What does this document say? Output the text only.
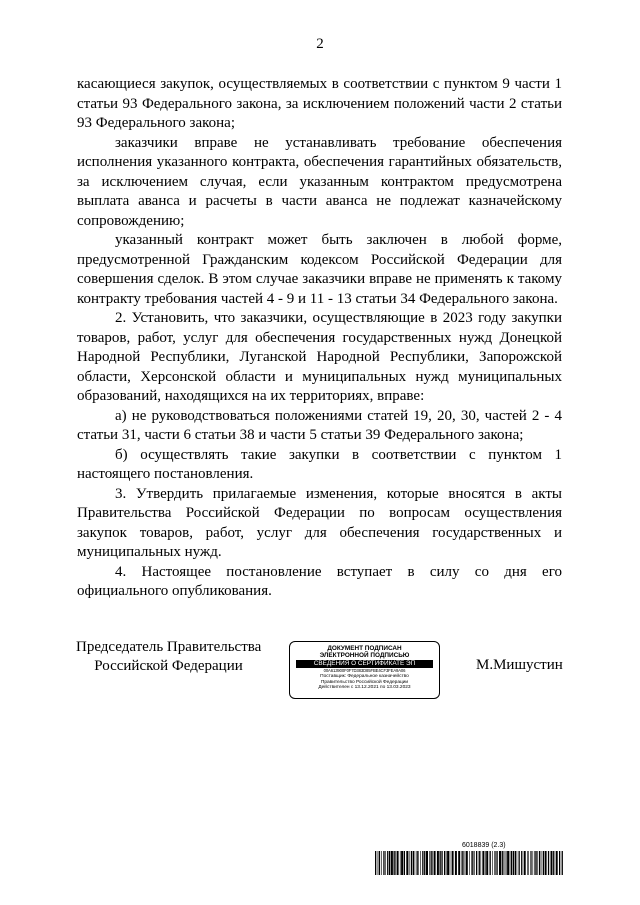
2

касающиеся закупок, осуществляемых в соответствии с пунктом 9 части 1 статьи 93 Федерального закона, за исключением положений части 2 статьи 93 Федерального закона;

заказчики вправе не устанавливать требование обеспечения исполнения указанного контракта, обеспечения гарантийных обязательств, за исключением случая, если указанным контрактом предусмотрена выплата аванса и расчеты в части аванса не подлежат казначейскому сопровождению;

указанный контракт может быть заключен в любой форме, предусмотренной Гражданским кодексом Российской Федерации для совершения сделок. В этом случае заказчики вправе не применять к такому контракту требования частей 4 - 9 и 11 - 13 статьи 34 Федерального закона.

2. Установить, что заказчики, осуществляющие в 2023 году закупки товаров, работ, услуг для обеспечения государственных нужд Донецкой Народной Республики, Луганской Народной Республики, Запорожской области, Херсонской области и муниципальных нужд муниципальных образований, находящихся на их территориях, вправе:

а) не руководствоваться положениями статей 19, 20, 30, частей 2 - 4 статьи 31, части 6 статьи 38 и части 5 статьи 39 Федерального закона;

б) осуществлять такие закупки в соответствии с пунктом 1 настоящего постановления.

3. Утвердить прилагаемые изменения, которые вносятся в акты Правительства Российской Федерации по вопросам осуществления закупок товаров, работ, услуг для обеспечения государственных и муниципальных нужд.

4. Настоящее постановление вступает в силу со дня его официального опубликования.

Председатель Правительства
Российской Федерации
ДОКУМЕНТ ПОДПИСАН
ЭЛЕКТРОННОЙ ПОДПИСЬЮ
СВЕДЕНИЯ О СЕРТИФИКАТЕ ЭП
00A613900F0F7D383D85FBE4CF3FEA9A06
Поставщик: Федеральное казначейство
Правительство Российской Федерации
Действителен с 13.12.2021 по 13.03.2023
М.Мишустин
6018839 (2.3)
